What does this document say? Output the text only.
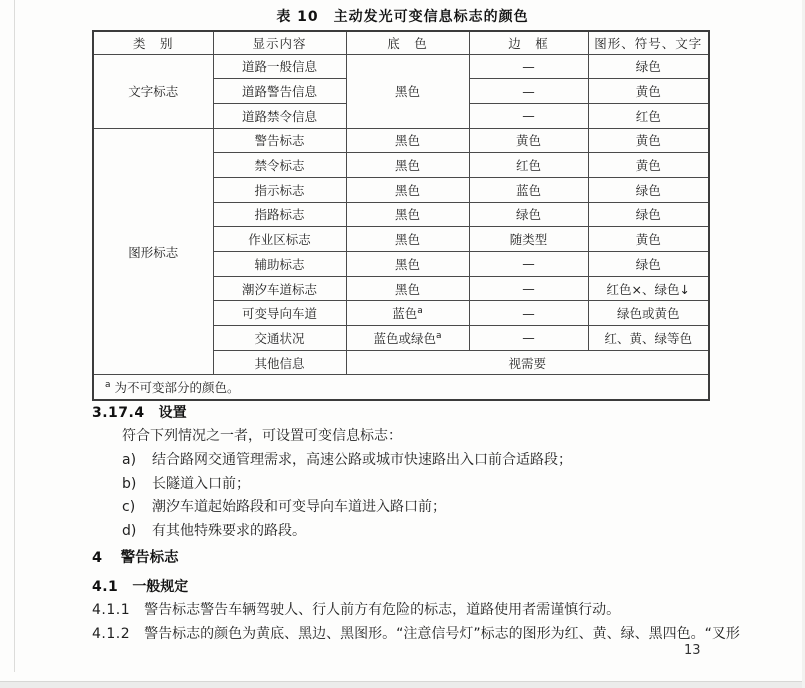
表 10　主动发光可变信息标志的颜色
类　别	显示内容	底　色	边　框	图形、符号、文字
文字标志	道路一般信息	黑色	—	绿色
	道路警告信息		—	黄色
	道路禁令信息		—	红色
图形标志	警告标志	黑色	黄色	黄色
	禁令标志	黑色	红色	黄色
	指示标志	黑色	蓝色	绿色
	指路标志	黑色	绿色	绿色
	作业区标志	黑色	随类型	黄色
	辅助标志	黑色	—	绿色
	潮汐车道标志	黑色	—	红色×、绿色↓
	可变导向车道	蓝色$^a$	—	绿色或黄色
	交通状况	蓝色或绿色$^a$	—	红、黄、绿等色
	其他信息	视需要		
$^a$ 为不可变部分的颜色。				
3.17.4 设置
符合下列情况之一者，可设置可变信息标志：
a) 结合路网交通管理需求，高速公路或城市快速路出入口前合适路段；
b) 长隧道入口前；
c) 潮汐车道起始路段和可变导向车道进入路口前；
d) 有其他特殊要求的路段。
4 警告标志
4.1 一般规定
4.1.1 警告标志警告车辆驾驶人、行人前方有危险的标志，道路使用者需谨慎行动。
4.1.2 警告标志的颜色为黄底、黑边、黑图形。“注意信号灯”标志的图形为红、黄、绿、黑四色。“叉形
13
